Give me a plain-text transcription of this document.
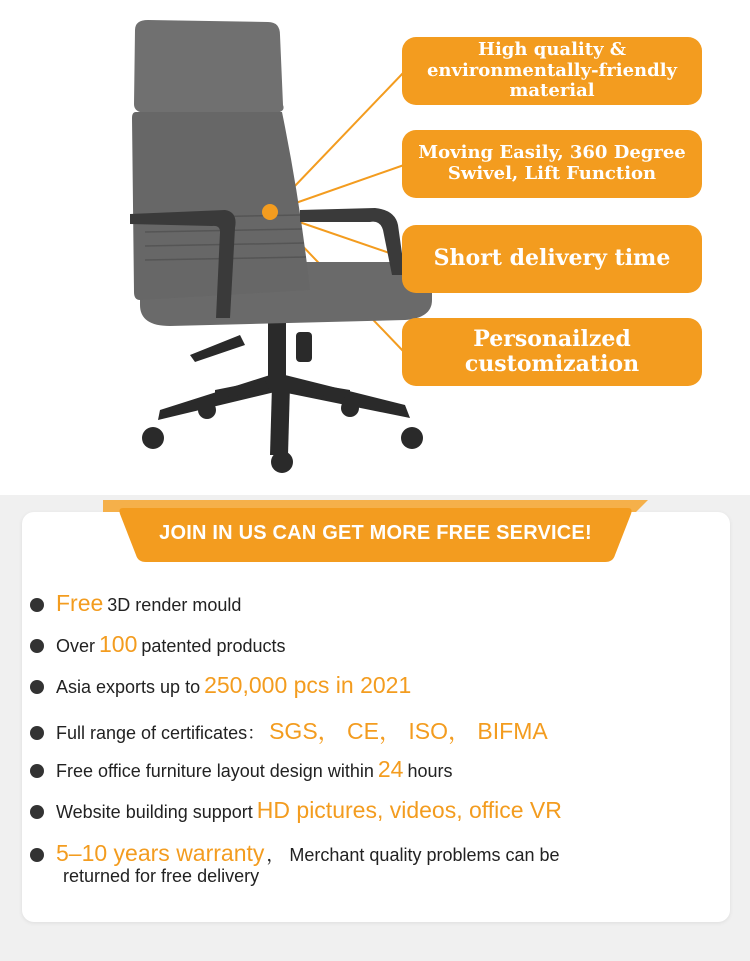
High quality &
environmentally-friendly material
Moving Easily, 360 Degree
Swivel, Lift Function
Short delivery time
Personailzed
customization
JOIN IN US CAN GET MORE FREE SERVICE!
Free 3D render mould
Over 100 patented products
Asia exports up to 250,000 pcs in 2021
Full range of certificates： SGS， CE， ISO， BIFMA
Free office furniture layout design within 24 hours
Website building support HD pictures, videos, office VR
5–10 years warranty ， Merchant quality problems can be
returned for free delivery
